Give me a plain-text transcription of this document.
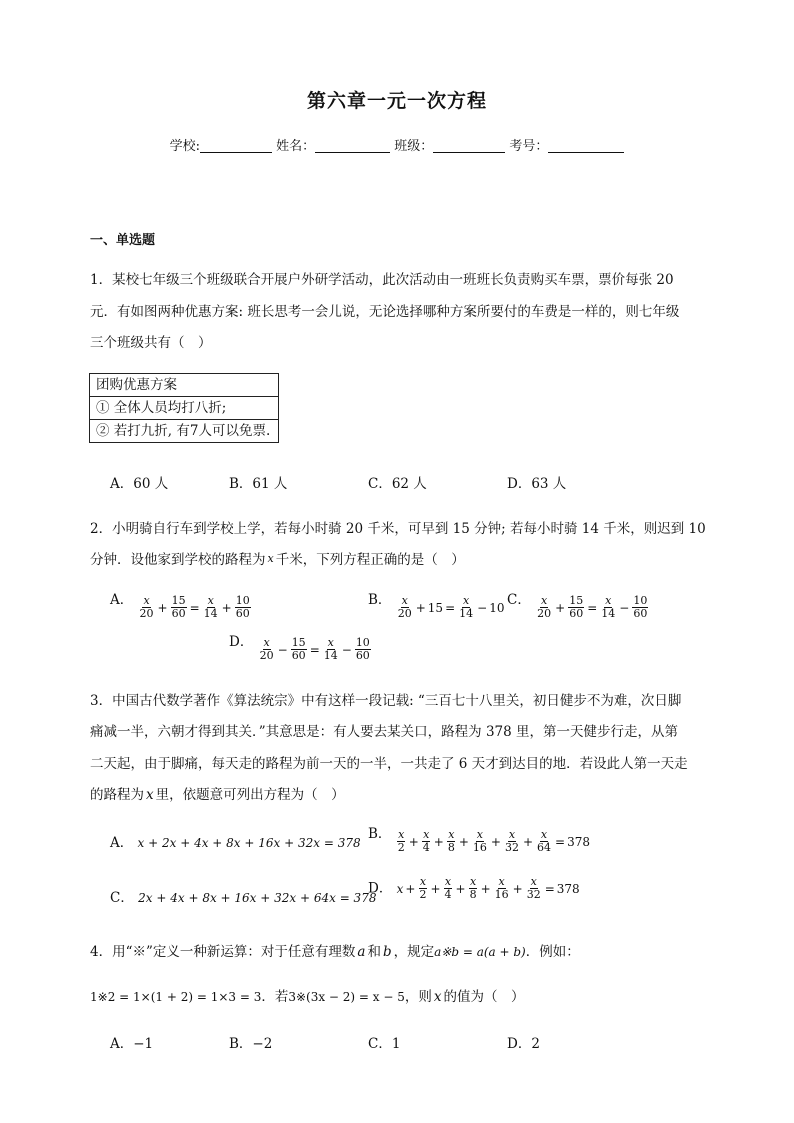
第六章一元一次方程
学校:	姓名：	班级：	考号：
一、单选题
1．某校七年级三个班级联合开展户外研学活动，此次活动由一班班长负责购买车票，票价每张 20
元．有如图两种优惠方案: 班长思考一会儿说，无论选择哪种方案所要付的车费是一样的，则七年级
三个班级共有（　）
团购优惠方案
① 全体人员均打八折;
② 若打九折, 有7人可以免票.
A．60 人	B．61 人	C．62 人	D．63 人
2．小明骑自行车到学校上学，若每小时骑 20 千米，可早到 15 分钟; 若每小时骑 14 千米，则迟到 10
分钟．设他家到学校的路程为 x 千米，下列方程正确的是（　）
A． $\frac{x}{20} + \frac{15}{60} = \frac{x}{14} + \frac{10}{60}$	B． $\frac{x}{20} + 15 = \frac{x}{14} - 10$ C． $\frac{x}{20} + \frac{15}{60} = \frac{x}{14} - \frac{10}{60}$
D． $\frac{x}{20} - \frac{15}{60} = \frac{x}{14} - \frac{10}{60}$
3．中国古代数学著作《算法统宗》中有这样一段记载: “三百七十八里关，初日健步不为难，次日脚
痛减一半，六朝才得到其关．”其意思是：有人要去某关口，路程为 378 里，第一天健步行走，从第
二天起，由于脚痛，每天走的路程为前一天的一半，一共走了 6 天才到达目的地．若设此人第一天走
的路程为 x 里，依题意可列出方程为（　）
A． x + 2x + 4x + 8x + 16x + 32x = 378
B． $\frac{x}{2} + \frac{x}{4} + \frac{x}{8} + \frac{x}{16} + \frac{x}{32} + \frac{x}{64} = 378$
C． 2x + 4x + 8x + 16x + 32x + 64x = 378
D． $x + \frac{x}{2} + \frac{x}{4} + \frac{x}{8} + \frac{x}{16} + \frac{x}{32} = 378$
4．用“※”定义一种新运算：对于任意有理数 a 和 b ，规定a※b = a(a + b)．例如：
1※2 = 1×(1 + 2) = 1×3 = 3．若3※(3x − 2) = x − 5，则 x 的值为（　）
A．−1	B．−2	C．1	D．2
